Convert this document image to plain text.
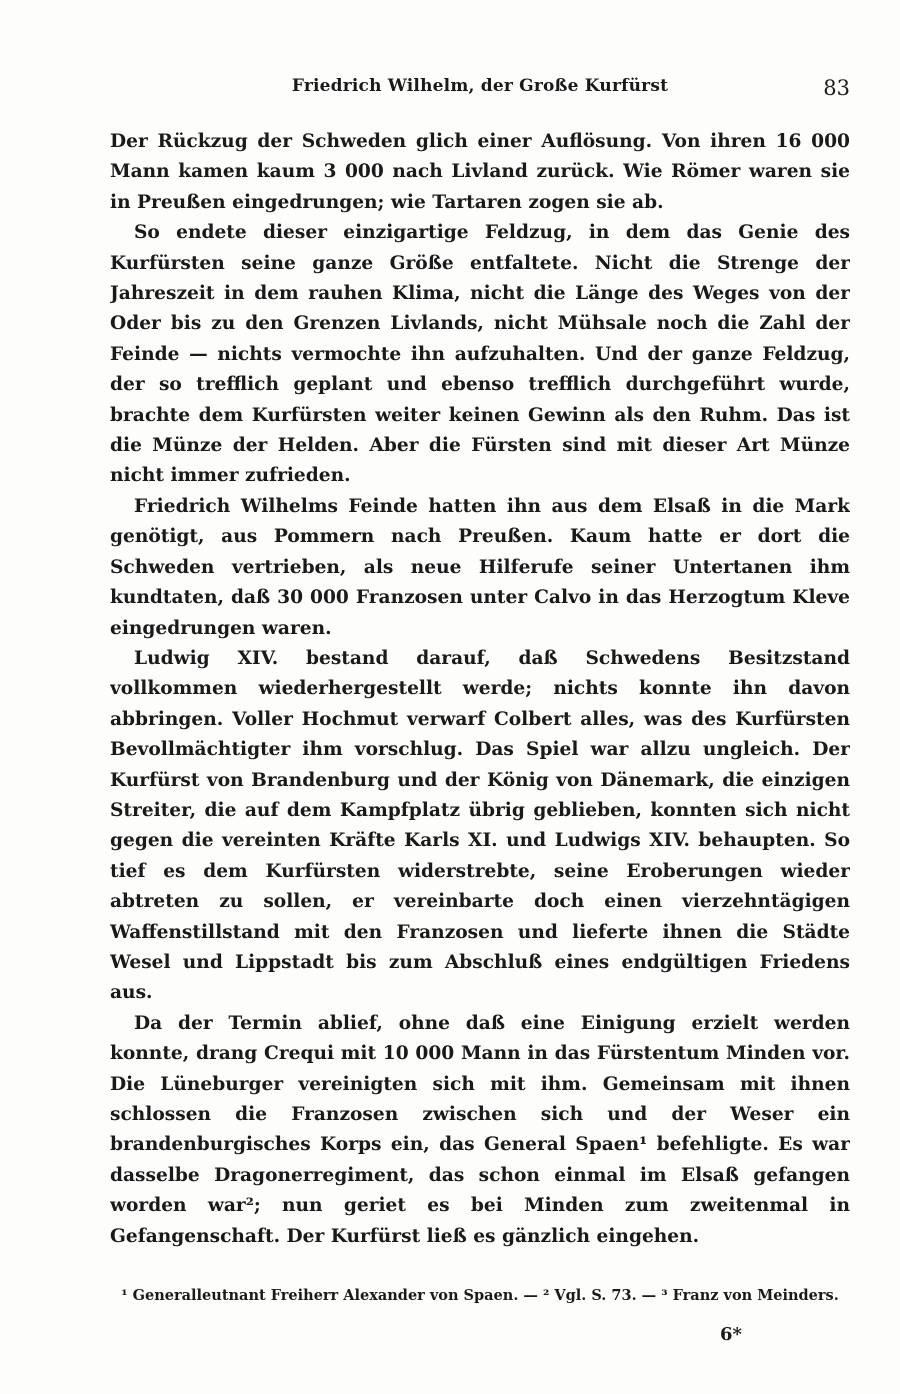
Friedrich Wilhelm, der Große Kurfürst	83

Der Rückzug der Schweden glich einer Auflösung. Von ihren 16 000 Mann kamen kaum 3 000 nach Livland zurück. Wie Römer waren sie in Preußen eingedrungen; wie Tartaren zogen sie ab.

So endete dieser einzigartige Feldzug, in dem das Genie des Kurfürsten seine ganze Größe entfaltete. Nicht die Strenge der Jahreszeit in dem rauhen Klima, nicht die Länge des Weges von der Oder bis zu den Grenzen Livlands, nicht Mühsale noch die Zahl der Feinde — nichts vermochte ihn aufzuhalten. Und der ganze Feldzug, der so trefflich geplant und ebenso trefflich durchgeführt wurde, brachte dem Kurfürsten weiter keinen Gewinn als den Ruhm. Das ist die Münze der Helden. Aber die Fürsten sind mit dieser Art Münze nicht immer zufrieden.

Friedrich Wilhelms Feinde hatten ihn aus dem Elsaß in die Mark genötigt, aus Pommern nach Preußen. Kaum hatte er dort die Schweden vertrieben, als neue Hilferufe seiner Untertanen ihm kundtaten, daß 30 000 Franzosen unter Calvo in das Herzogtum Kleve eingedrungen waren.

Ludwig XIV. bestand darauf, daß Schwedens Besitzstand vollkommen wiederhergestellt werde; nichts konnte ihn davon abbringen. Voller Hochmut verwarf Colbert alles, was des Kurfürsten Bevollmächtigter ihm vorschlug. Das Spiel war allzu ungleich. Der Kurfürst von Brandenburg und der König von Dänemark, die einzigen Streiter, die auf dem Kampfplatz übrig geblieben, konnten sich nicht gegen die vereinten Kräfte Karls XI. und Ludwigs XIV. behaupten. So tief es dem Kurfürsten widerstrebte, seine Eroberungen wieder abtreten zu sollen, er vereinbarte doch einen vierzehntägigen Waffenstillstand mit den Franzosen und lieferte ihnen die Städte Wesel und Lippstadt bis zum Abschluß eines endgültigen Friedens aus.

Da der Termin ablief, ohne daß eine Einigung erzielt werden konnte, drang Crequi mit 10 000 Mann in das Fürstentum Minden vor. Die Lüneburger vereinigten sich mit ihm. Gemeinsam mit ihnen schlossen die Franzosen zwischen sich und der Weser ein brandenburgisches Korps ein, das General Spaen¹ befehligte. Es war dasselbe Dragonerregiment, das schon einmal im Elsaß gefangen worden war²; nun geriet es bei Minden zum zweitenmal in Gefangenschaft. Der Kurfürst ließ es gänzlich eingehen.

¹ Generalleutnant Freiherr Alexander von Spaen. — ² Vgl. S. 73. — ³ Franz von Meinders.
6*
